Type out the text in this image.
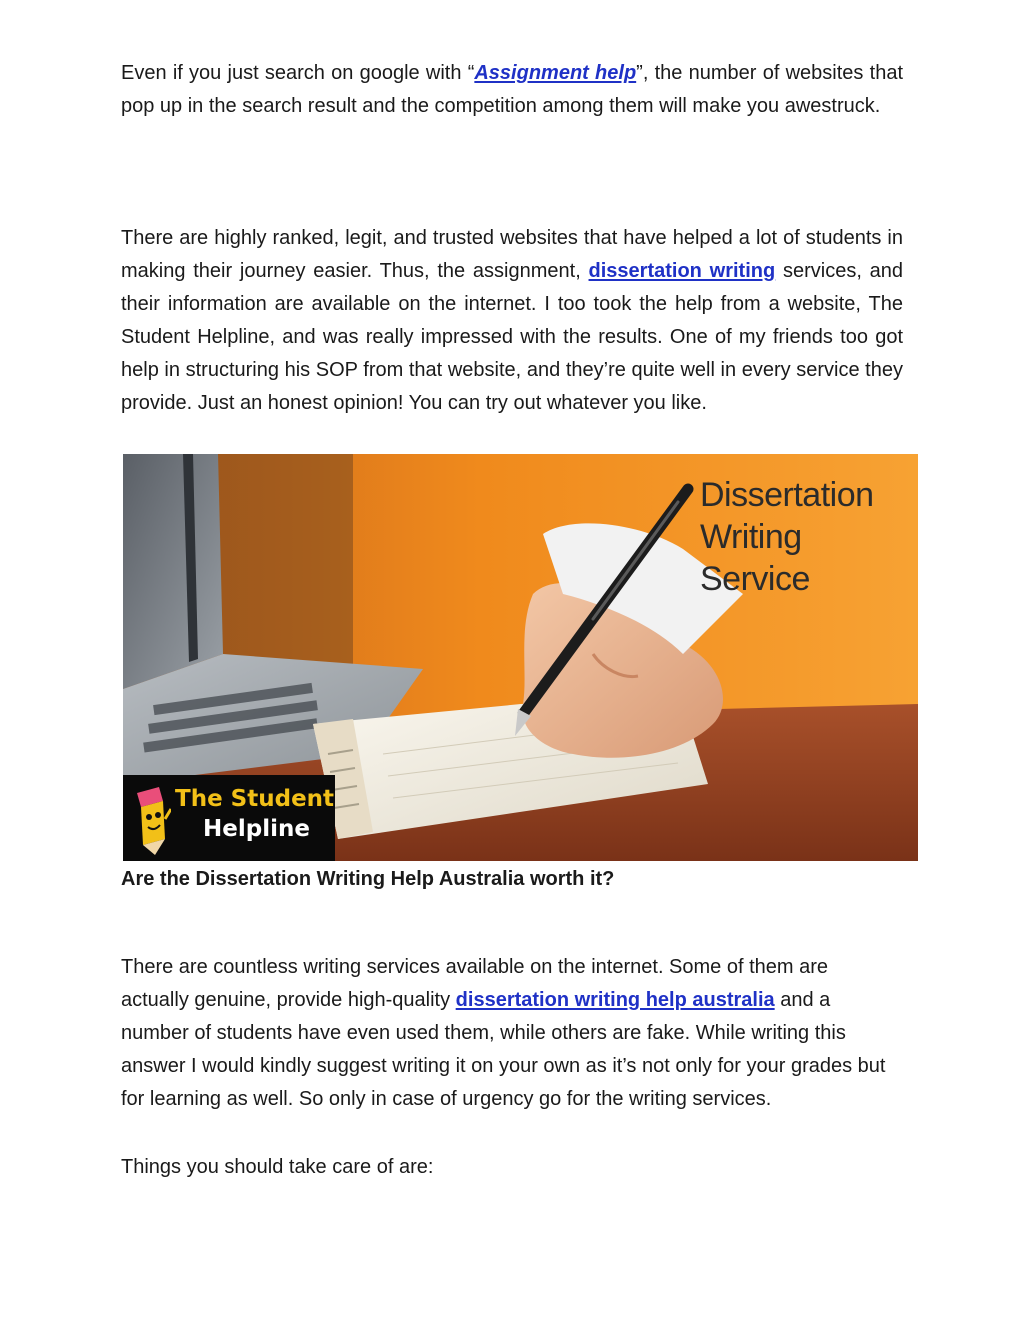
Even if you just search on google with “Assignment help”, the number of websites that pop up in the search result and the competition among them will make you awestruck.

There are highly ranked, legit, and trusted websites that have helped a lot of students in making their journey easier. Thus, the assignment, dissertation writing services, and their information are available on the internet. I too took the help from a website, The Student Helpline, and was really impressed with the results. One of my friends too got help in structuring his SOP from that website, and they’re quite well in every service they provide. Just an honest opinion! You can try out whatever you like.

Dissertation
Writing Service
The Student
Helpline
Are the Dissertation Writing Help Australia worth it?

There are countless writing services available on the internet. Some of them are actually genuine, provide high-quality dissertation writing help australia and a number of students have even used them, while others are fake. While writing this answer I would kindly suggest writing it on your own as it’s not only for your grades but for learning as well. So only in case of urgency go for the writing services.

Things you should take care of are:
